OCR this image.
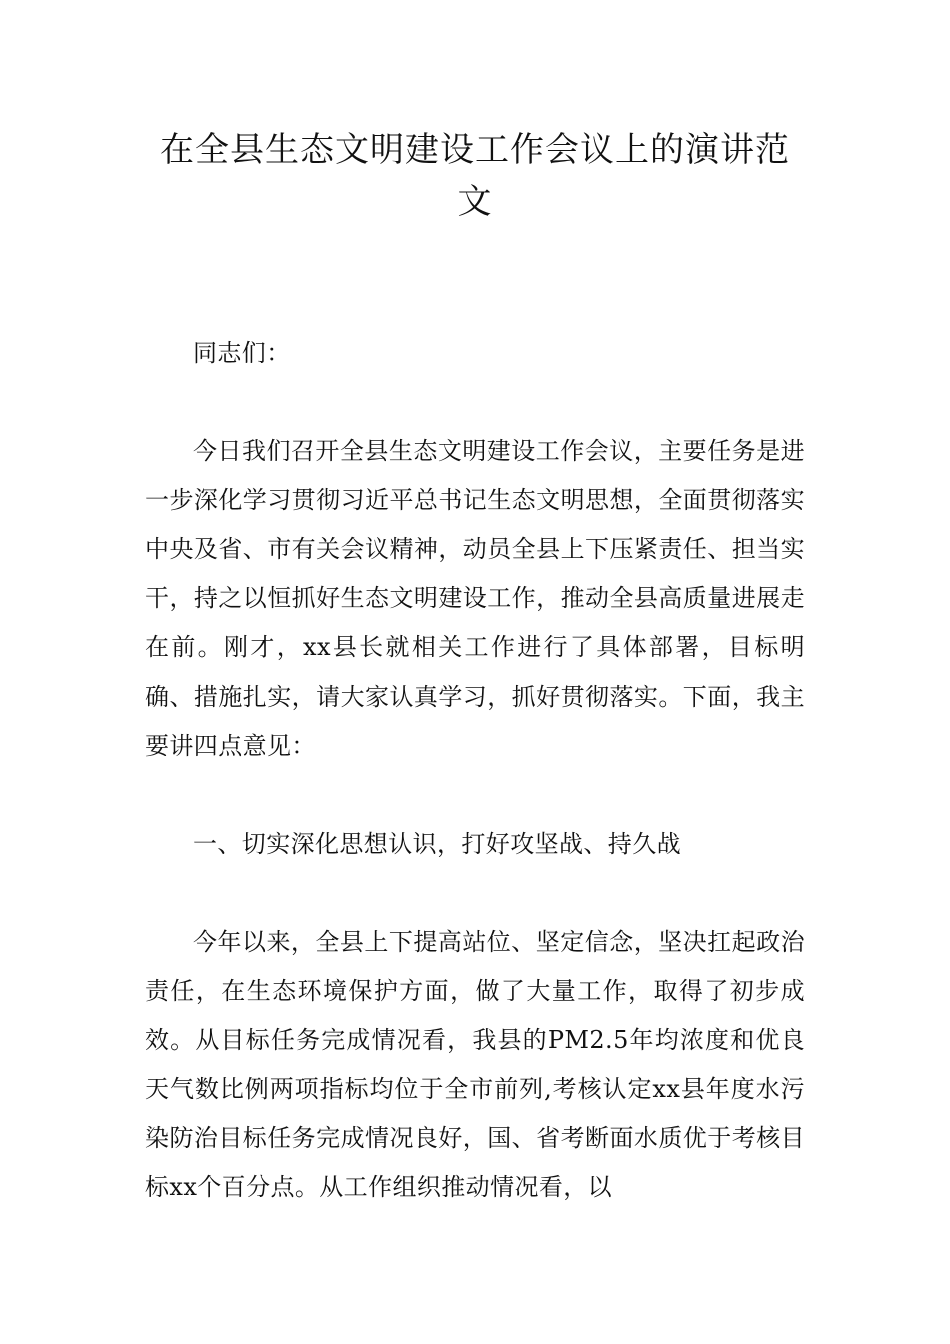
在全县生态文明建设工作会议上的演讲范文

同志们：

今日我们召开全县生态文明建设工作会议，主要任务是进一步深化学习贯彻习近平总书记生态文明思想，全面贯彻落实中央及省、市有关会议精神，动员全县上下压紧责任、担当实干，持之以恒抓好生态文明建设工作，推动全县高质量进展走在前。刚才，xx县长就相关工作进行了具体部署，目标明确、措施扎实，请大家认真学习，抓好贯彻落实。下面，我主要讲四点意见：

一、切实深化思想认识，打好攻坚战、持久战

今年以来，全县上下提高站位、坚定信念，坚决扛起政治责任，在生态环境保护方面，做了大量工作，取得了初步成效。从目标任务完成情况看，我县的PM2.5年均浓度和优良天气数比例两项指标均位于全市前列,考核认定xx县年度水污染防治目标任务完成情况良好，国、省考断面水质优于考核目标xx个百分点。从工作组织推动情况看，以
